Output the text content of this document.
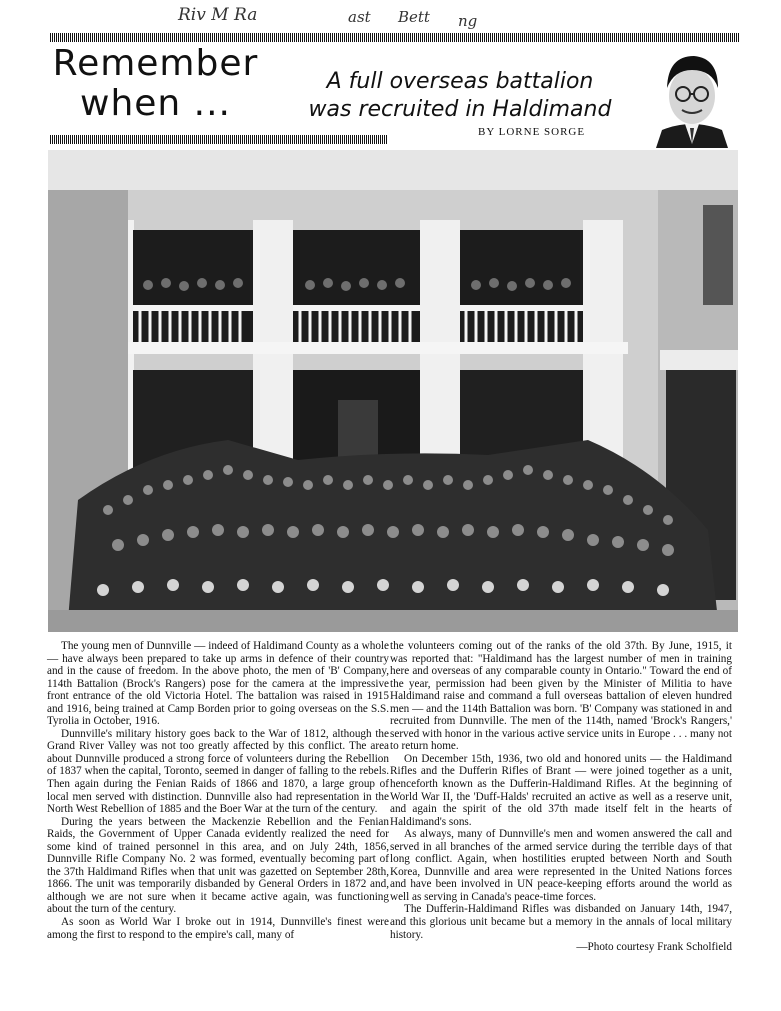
Riv M Ra	ast Bett ng
Remember
when ...
A full overseas battalion
was recruited in Haldimand
BY LORNE SORGE

The young men of Dunnville — indeed of Haldimand County as a whole — have always been prepared to take up arms in defence of their country and in the cause of freedom. In the above photo, the men of 'B' Company, 114th Battalion (Brock's Rangers) pose for the camera at the impressive front entrance of the old Victoria Hotel. The battalion was raised in 1915 and 1916, being trained at Camp Borden prior to going overseas on the S.S. Tyrolia in October, 1916.

Dunnville's military history goes back to the War of 1812, although the Grand River Valley was not too greatly affected by this conflict. The area about Dunnville produced a strong force of volunteers during the Rebellion of 1837 when the capital, Toronto, seemed in danger of falling to the rebels. Then again during the Fenian Raids of 1866 and 1870, a large group of local men served with distinction. Dunnville also had representation in the North West Rebellion of 1885 and the Boer War at the turn of the century.

During the years between the Mackenzie Rebellion and the Fenian Raids, the Government of Upper Canada evidently realized the need for some kind of trained personnel in this area, and on July 24th, 1856, Dunnville Rifle Company No. 2 was formed, eventually becoming part of the 37th Haldimand Rifles when that unit was gazetted on September 28th, 1866. The unit was temporarily disbanded by General Orders in 1872 and, although we are not sure when it became active again, was functioning about the turn of the century.

As soon as World War I broke out in 1914, Dunnville's finest were among the first to respond to the empire's call, many of

the volunteers coming out of the ranks of the old 37th. By June, 1915, it was reported that: "Haldimand has the largest number of men in training here and overseas of any comparable county in Ontario." Toward the end of the year, permission had been given by the Minister of Militia to have Haldimand raise and command a full overseas battalion of eleven hundred men — and the 114th Battalion was born. 'B' Company was stationed in and recruited from Dunnville. The men of the 114th, named 'Brock's Rangers,' served with honor in the various active service units in Europe . . . many not to return home.

On December 15th, 1936, two old and honored units — the Haldimand Rifles and the Dufferin Rifles of Brant — were joined together as a unit, henceforth known as the Dufferin-Haldimand Rifles. At the beginning of World War II, the 'Duff-Halds' recruited an active as well as a reserve unit, and again the spirit of the old 37th made itself felt in the hearts of Haldimand's sons.

As always, many of Dunnville's men and women answered the call and served in all branches of the armed service during the terrible days of that long conflict. Again, when hostilities erupted between North and South Korea, Dunnville and area were represented in the United Nations forces and have been involved in UN peace-keeping efforts around the world as well as serving in Canada's peace-time forces.

The Dufferin-Haldimand Rifles was disbanded on January 14th, 1947, and this glorious unit became but a memory in the annals of local military history.

—Photo courtesy Frank Scholfield
